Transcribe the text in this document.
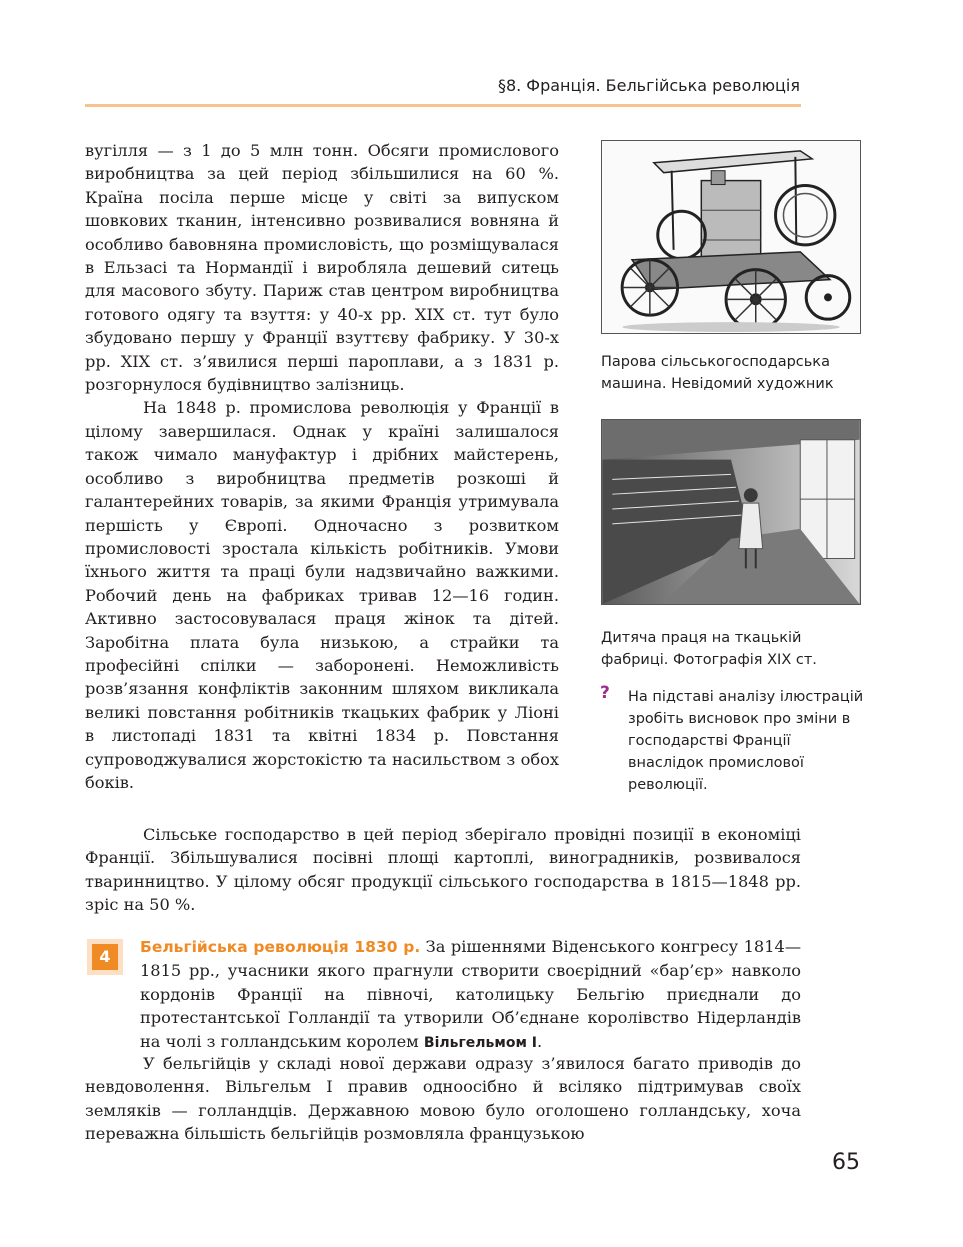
§8. Франція. Бельгійська революція

вугілля — з 1 до 5 млн тонн. Обсяги промислового виробництва за цей період збільшилися на 60 %. Країна посіла перше місце у світі за випуском шовкових тканин, інтенсивно розвивалися вовняна й особливо бавовняна промисловість, що розміщувалася в Ельзасі та Нормандії і виробляла дешевий ситець для масового збуту. Париж став центром виробництва готового одягу та взуття: у 40-х рр. XIX ст. тут було збудовано першу у Франції взуттєву фабрику. У 30-х рр. XIX ст. з’явилися перші пароплави, а з 1831 р. розгорнулося будівництво залізниць.

На 1848 р. промислова революція у Франції в цілому завершилася. Однак у країні залишалося також чимало мануфактур і дрібних майстерень, особливо з виробництва предметів розкоші й галантерейних товарів, за якими Франція утримувала першість у Європі. Одночасно з розвитком промисловості зростала кількість робітників. Умови їхнього життя та праці були надзвичайно важкими. Робочий день на фабриках тривав 12—16 годин. Активно застосовувалася праця жінок та дітей. Заробітна плата була низькою, а страйки та професійні спілки — заборонені. Неможливість розв’язання конфліктів законним шляхом викликала великі повстання робітників ткацьких фабрик у Ліоні в листопаді 1831 та квітні 1834 р. Повстання супроводжувалися жорстокістю та насильством з обох боків.

Парова сільськогосподарська машина. Невідомий художник
Дитяча праця на ткацькій фабриці. Фотографія XIX ст.
? На підставі аналізу ілюстрацій зробіть висновок про зміни в господарстві Франції внаслідок промислової революції.

Сільське господарство в цей період зберігало провідні позиції в економіці Франції. Збільшувалися посівні площі картоплі, виноградників, розвивалося тваринництво. У цілому обсяг продукції сільського господарства в 1815—1848 рр. зріс на 50 %.

4	Бельгійська революція 1830 р. За рішеннями Віденського конгресу 1814—1815 рр., учасники якого прагнули створити своєрідний «бар’єр» навколо кордонів Франції на півночі, католицьку Бельгію приєднали до протестантської Голландії та утворили Об’єднане королівство Нідерландів на чолі з голландським королем Вільгельмом I.

У бельгійців у складі нової держави одразу з’явилося багато приводів до невдоволення. Вільгельм I правив одноосібно й всіляко підтримував своїх земляків — голландців. Державною мовою було оголошено голландську, хоча переважна більшість бельгійців розмовляла французькою

65
